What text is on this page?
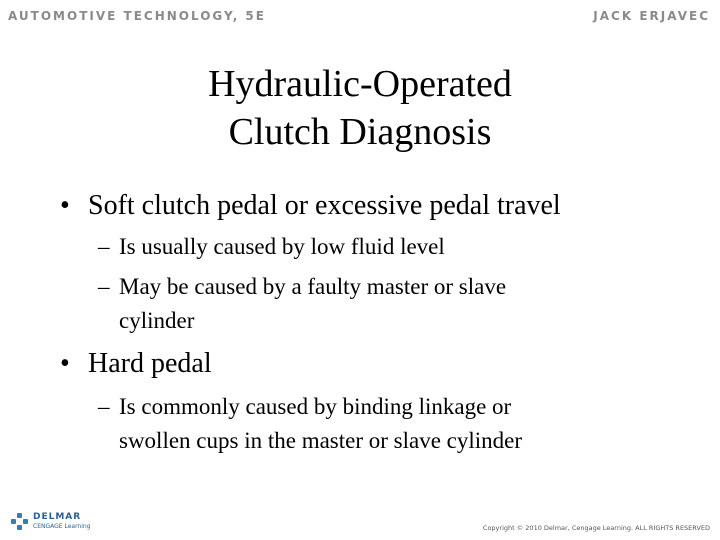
AUTOMOTIVE TECHNOLOGY, 5E	JACK ERJAVEC
Hydraulic-Operated
Clutch Diagnosis
• Soft clutch pedal or excessive pedal travel
– Is usually caused by low fluid level
– May be caused by a faulty master or slave
cylinder
• Hard pedal
– Is commonly caused by binding linkage or
swollen cups in the master or slave cylinder
DELMAR
CENGAGE Learning	Copyright © 2010 Delmar, Cengage Learning. ALL RIGHTS RESERVED
